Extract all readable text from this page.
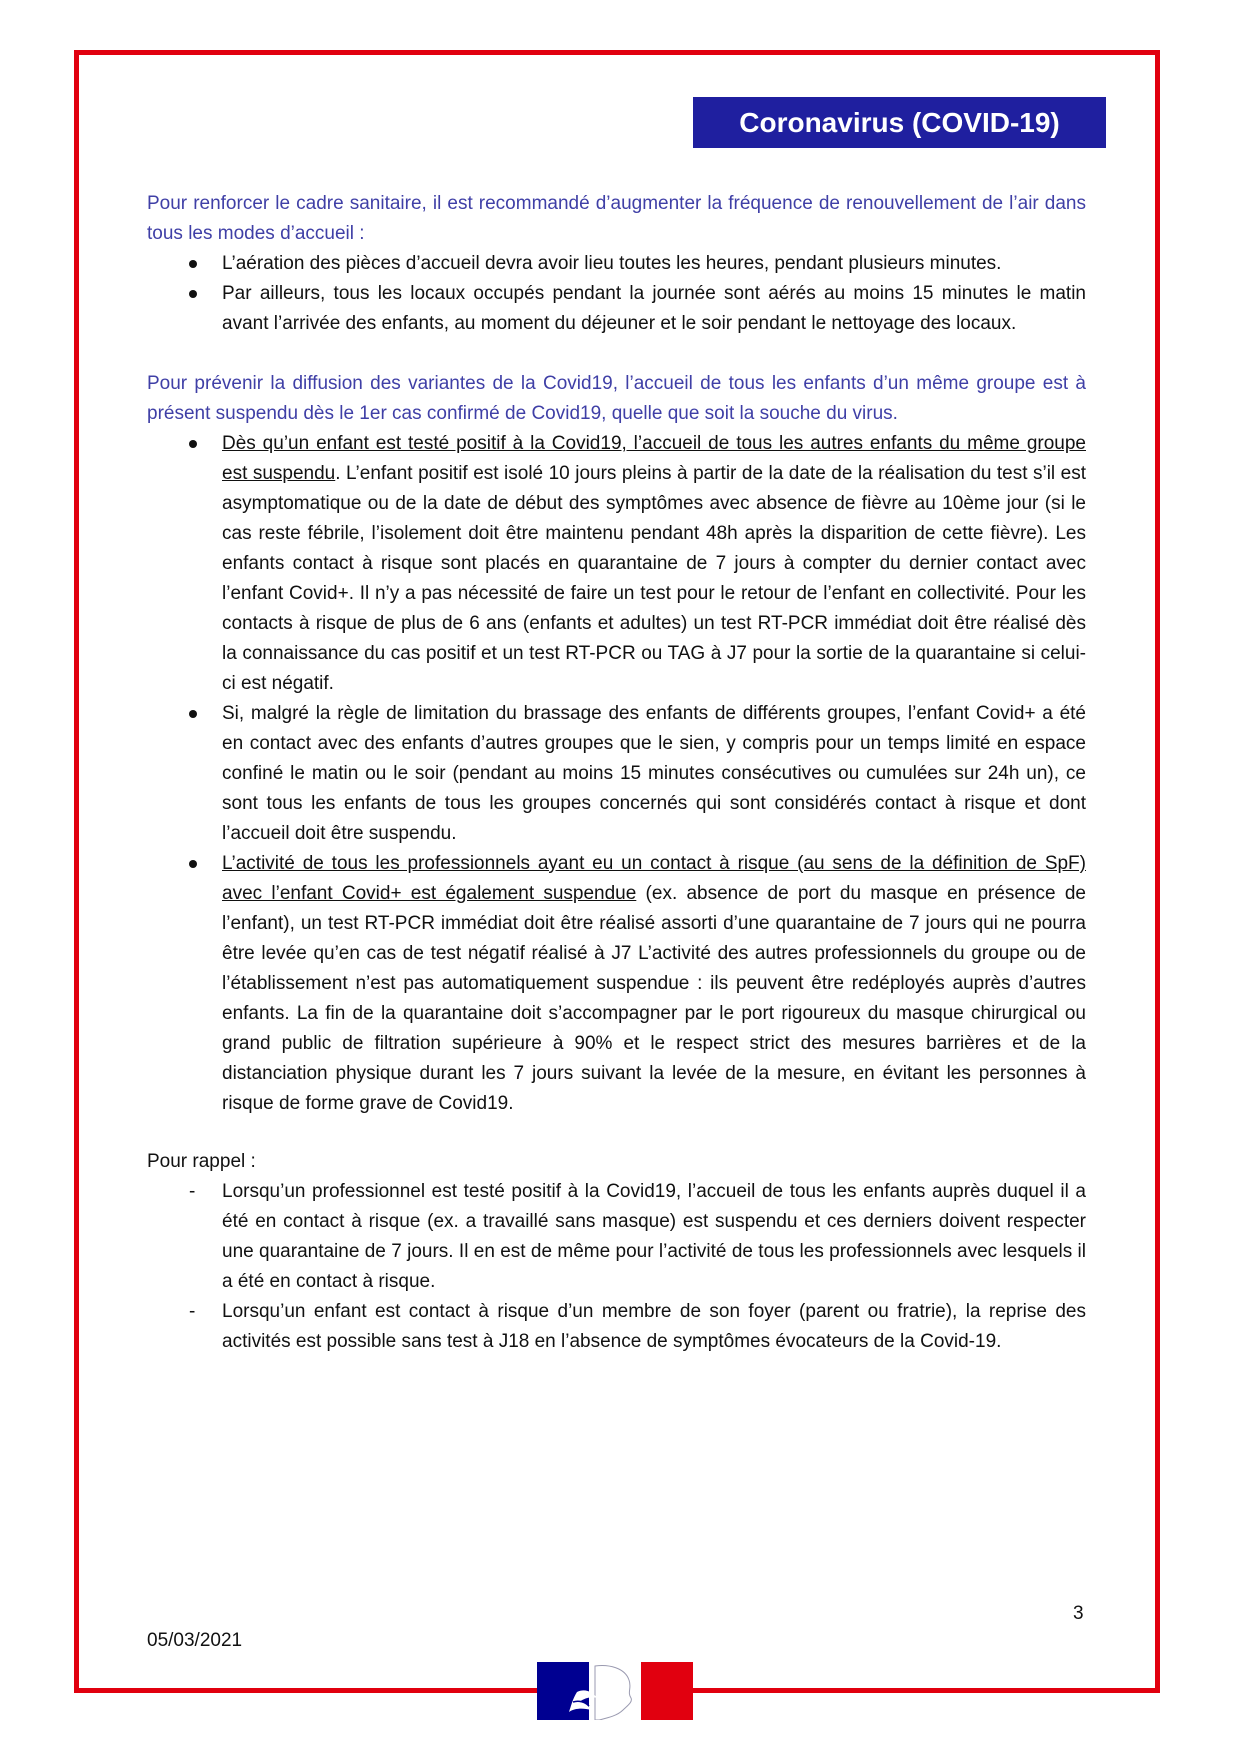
Coronavirus (COVID-19)

Pour renforcer le cadre sanitaire, il est recommandé d’augmenter la fréquence de renouvellement de l’air dans tous les modes d’accueil :

L’aération des pièces d’accueil devra avoir lieu toutes les heures, pendant plusieurs minutes.
Par ailleurs, tous les locaux occupés pendant la journée sont aérés au moins 15 minutes le matin avant l’arrivée des enfants, au moment du déjeuner et le soir pendant le nettoyage des locaux.

Pour prévenir la diffusion des variantes de la Covid19, l’accueil de tous les enfants d’un même groupe est à présent suspendu dès le 1er cas confirmé de Covid19, quelle que soit la souche du virus.

Dès qu’un enfant est testé positif à la Covid19, l’accueil de tous les autres enfants du même groupe est suspendu. L’enfant positif est isolé 10 jours pleins à partir de la date de la réalisation du test s’il est asymptomatique ou de la date de début des symptômes avec absence de fièvre au 10ème jour (si le cas reste fébrile, l’isolement doit être maintenu pendant 48h après la disparition de cette fièvre). Les enfants contact à risque sont placés en quarantaine de 7 jours à compter du dernier contact avec l’enfant Covid+. Il n’y a pas nécessité de faire un test pour le retour de l’enfant en collectivité. Pour les contacts à risque de plus de 6 ans (enfants et adultes) un test RT-PCR immédiat doit être réalisé dès la connaissance du cas positif et un test RT-PCR ou TAG à J7 pour la sortie de la quarantaine si celui-ci est négatif.
Si, malgré la règle de limitation du brassage des enfants de différents groupes, l’enfant Covid+ a été en contact avec des enfants d’autres groupes que le sien, y compris pour un temps limité en espace confiné le matin ou le soir (pendant au moins 15 minutes consécutives ou cumulées sur 24h un), ce sont tous les enfants de tous les groupes concernés qui sont considérés contact à risque et dont l’accueil doit être suspendu.
L’activité de tous les professionnels ayant eu un contact à risque (au sens de la définition de SpF) avec l’enfant Covid+ est également suspendue (ex. absence de port du masque en présence de l’enfant), un test RT-PCR immédiat doit être réalisé assorti d’une quarantaine de 7 jours qui ne pourra être levée qu’en cas de test négatif réalisé à J7 L’activité des autres professionnels du groupe ou de l’établissement n’est pas automatiquement suspendue : ils peuvent être redéployés auprès d’autres enfants. La fin de la quarantaine doit s’accompagner par le port rigoureux du masque chirurgical ou grand public de filtration supérieure à 90% et le respect strict des mesures barrières et de la distanciation physique durant les 7 jours suivant la levée de la mesure, en évitant les personnes à risque de forme grave de Covid19.

Pour rappel :

- Lorsqu’un professionnel est testé positif à la Covid19, l’accueil de tous les enfants auprès duquel il a été en contact à risque (ex. a travaillé sans masque) est suspendu et ces derniers doivent respecter une quarantaine de 7 jours. Il en est de même pour l’activité de tous les professionnels avec lesquels il a été en contact à risque.
- Lorsqu’un enfant est contact à risque d’un membre de son foyer (parent ou fratrie), la reprise des activités est possible sans test à J18 en l’absence de symptômes évocateurs de la Covid-19.
3
05/03/2021
